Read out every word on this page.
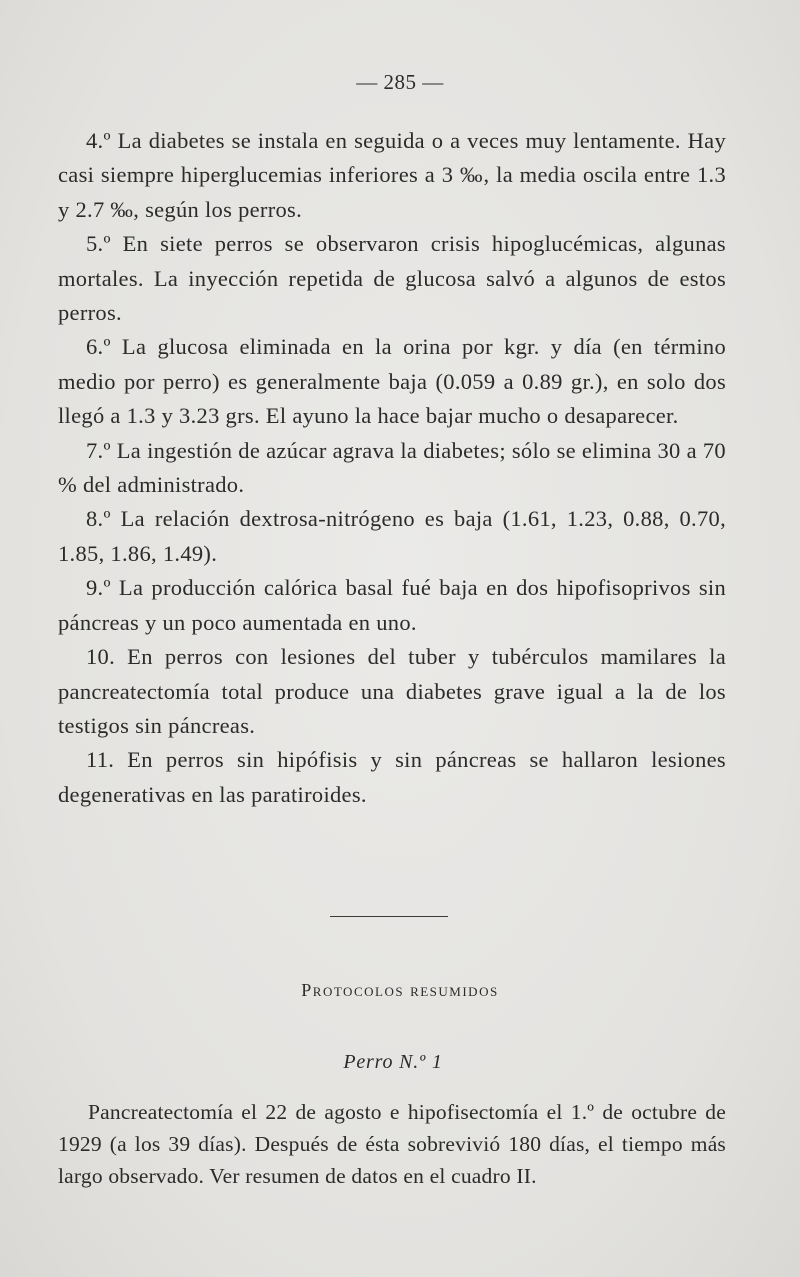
— 285 —

4.º La diabetes se instala en seguida o a veces muy lentamente. Hay casi siempre hiperglucemias inferiores a 3 ‰, la media oscila entre 1.3 y 2.7 ‰, según los perros.

5.º En siete perros se observaron crisis hipoglucémicas, algunas mortales. La inyección repetida de glucosa salvó a algunos de estos perros.

6.º La glucosa eliminada en la orina por kgr. y día (en término medio por perro) es generalmente baja (0.059 a 0.89 gr.), en solo dos llegó a 1.3 y 3.23 grs. El ayuno la hace bajar mucho o desaparecer.

7.º La ingestión de azúcar agrava la diabetes; sólo se elimina 30 a 70 % del administrado.

8.º La relación dextrosa-nitrógeno es baja (1.61, 1.23, 0.88, 0.70, 1.85, 1.86, 1.49).

9.º La producción calórica basal fué baja en dos hipofisoprivos sin páncreas y un poco aumentada en uno.

10. En perros con lesiones del tuber y tubérculos mamilares la pancreatectomía total produce una diabetes grave igual a la de los testigos sin páncreas.

11. En perros sin hipófisis y sin páncreas se hallaron lesiones degenerativas en las paratiroides.

Protocolos resumidos
Perro N.º 1

Pancreatectomía el 22 de agosto e hipofisectomía el 1.º de octubre de 1929 (a los 39 días). Después de ésta sobrevivió 180 días, el tiempo más largo observado. Ver resumen de datos en el cuadro II.
